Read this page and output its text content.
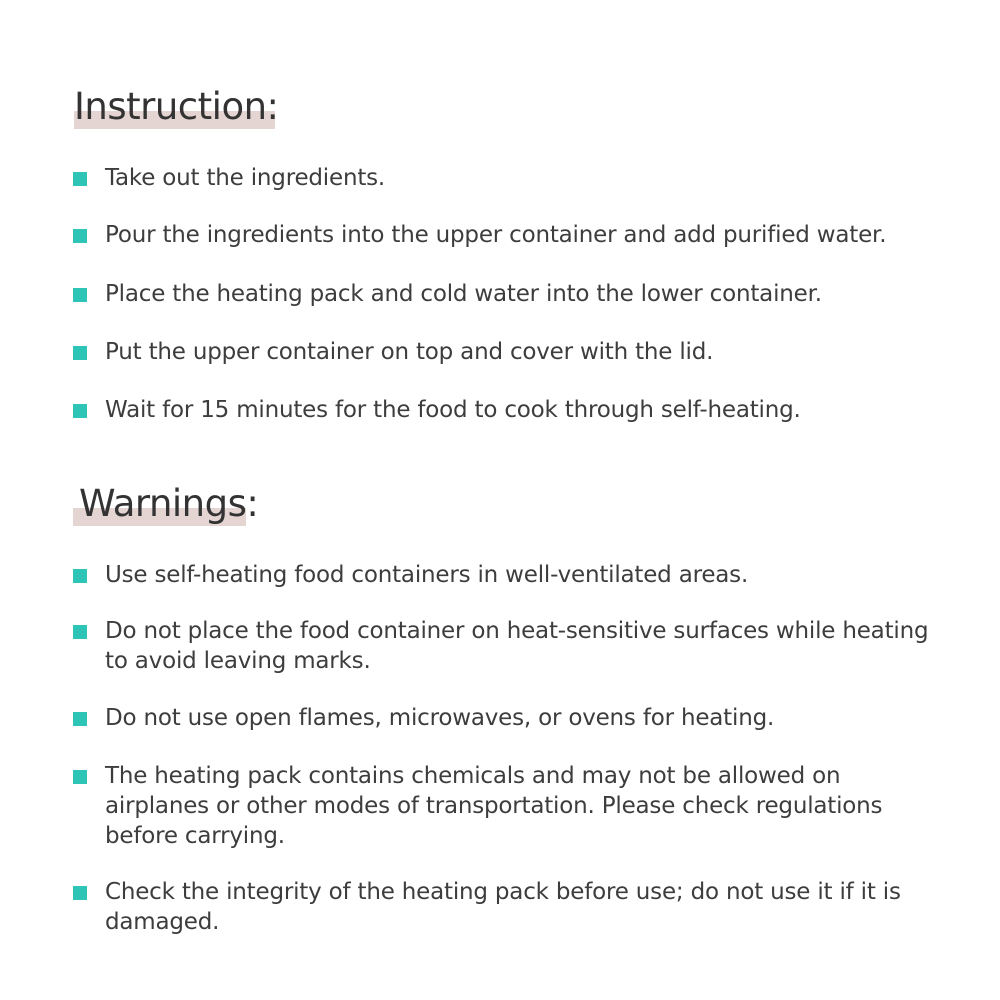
Instruction:
Take out the ingredients.
Pour the ingredients into the upper container and add purified water.
Place the heating pack and cold water into the lower container.
Put the upper container on top and cover with the lid.
Wait for 15 minutes for the food to cook through self-heating.
Warnings:
Use self-heating food containers in well-ventilated areas.
Do not place the food container on heat-sensitive surfaces while heating to avoid leaving marks.
Do not use open flames, microwaves, or ovens for heating.
The heating pack contains chemicals and may not be allowed on airplanes or other modes of transportation. Please check regulations before carrying.
Check the integrity of the heating pack before use; do not use it if it is damaged.
